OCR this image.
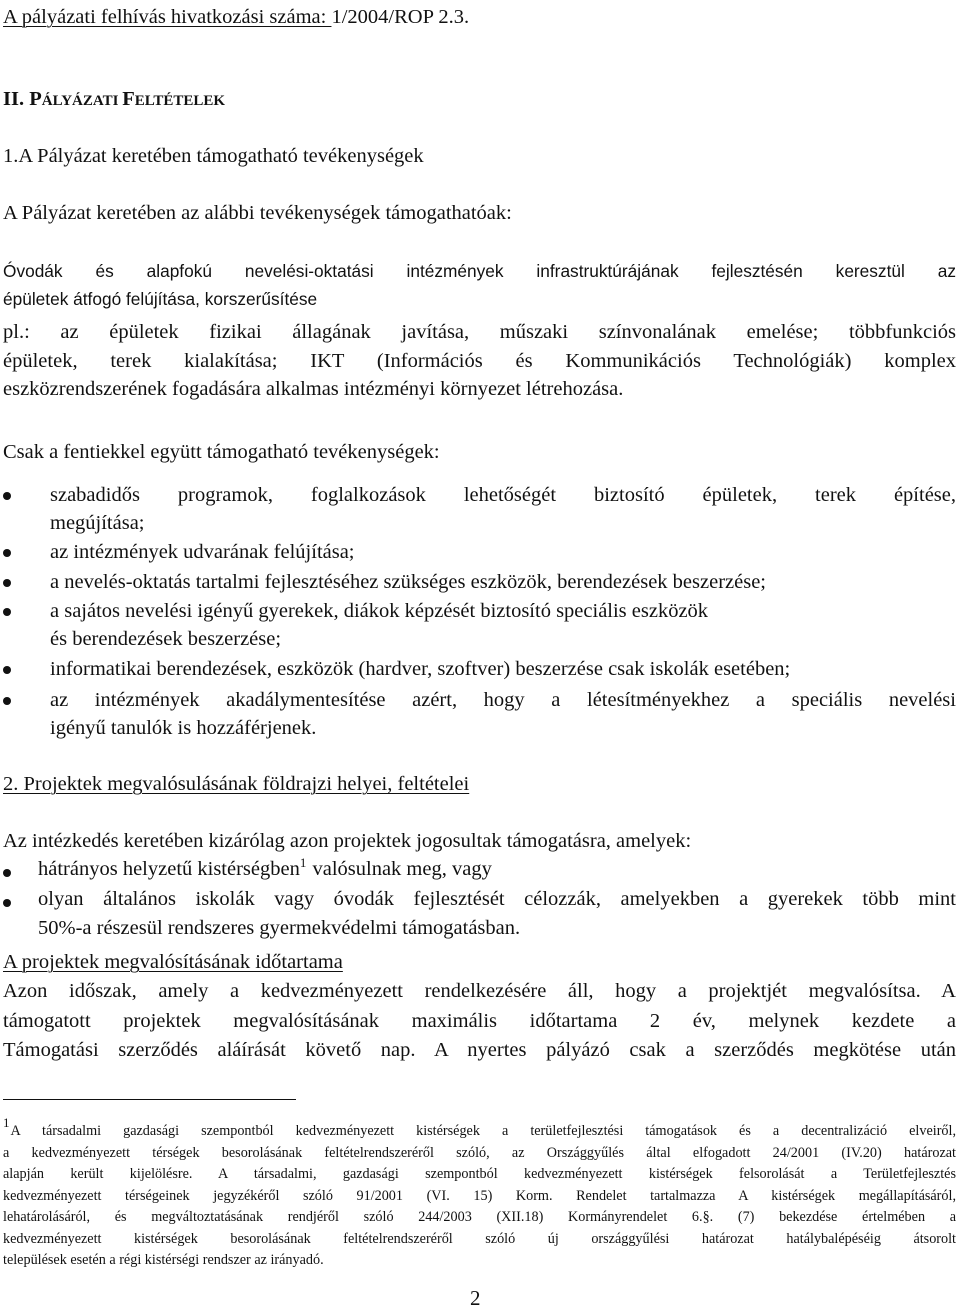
A pályázati felhívás hivatkozási száma: 1/2004/ROP 2.3.
II. PÁLYÁZATI FELTÉTELEK
1.A Pályázat keretében támogatható tevékenységek
A Pályázat keretében az alábbi tevékenységek támogathatóak:
Óvodák és alapfokú nevelési-oktatási intézmények infrastruktúrájának fejlesztésén keresztül az
épületek átfogó felújítása, korszerűsítése
pl.: az épületek fizikai állagának javítása, műszaki színvonalának emelése; többfunkciós
épületek, terek kialakítása; IKT (Információs és Kommunikációs Technológiák) komplex
eszközrendszerének fogadására alkalmas intézményi környezet létrehozása.
Csak a fentiekkel együtt támogatható tevékenységek:
szabadidős programok, foglalkozások lehetőségét biztosító épületek, terek építése,
megújítása;
az intézmények udvarának felújítása;
a nevelés-oktatás tartalmi fejlesztéséhez szükséges eszközök, berendezések beszerzése;
a sajátos nevelési igényű gyerekek, diákok képzését biztosító speciális eszközök
és berendezések beszerzése;
informatikai berendezések, eszközök (hardver, szoftver) beszerzése csak iskolák esetében;
az intézmények akadálymentesítése azért, hogy a létesítményekhez a speciális nevelési
igényű tanulók is hozzáférjenek.
2. Projektek megvalósulásának földrajzi helyei, feltételei
Az intézkedés keretében kizárólag azon projektek jogosultak támogatásra, amelyek:
hátrányos helyzetű kistérségben$^1$ valósulnak meg, vagy
olyan általános iskolák vagy óvodák fejlesztését célozzák, amelyekben a gyerekek több mint
50%-a részesül rendszeres gyermekvédelmi támogatásban.
A projektek megvalósításának időtartama
Azon időszak, amely a kedvezményezett rendelkezésére áll, hogy a projektjét megvalósítsa. A
támogatott projektek megvalósításának maximális időtartama 2 év, melynek kezdete a
Támogatási szerződés aláírását követő nap. A nyertes pályázó csak a szerződés megkötése után
1A társadalmi gazdasági szempontból kedvezményezett kistérségek a területfejlesztési támogatások és a decentralizáció elveiről,
a kedvezményezett térségek besorolásának feltételrendszeréről szóló, az Országgyűlés által elfogadott 24/2001 (IV.20) határozat
alapján került kijelölésre. A társadalmi, gazdasági szempontból kedvezményezett kistérségek felsorolását a Területfejlesztés
kedvezményezett térségeinek jegyzékéről szóló 91/2001 (VI. 15) Korm. Rendelet tartalmazza A kistérségek megállapításáról,
lehatárolásáról, és megváltoztatásának rendjéről szóló 244/2003 (XII.18) Kormányrendelet 6.§. (7) bekezdése értelmében a
kedvezményezett kistérségek besorolásának feltételrendszeréről szóló új országgyűlési határozat hatálybalépéséig átsorolt
települések esetén a régi kistérségi rendszer az irányadó.
2
